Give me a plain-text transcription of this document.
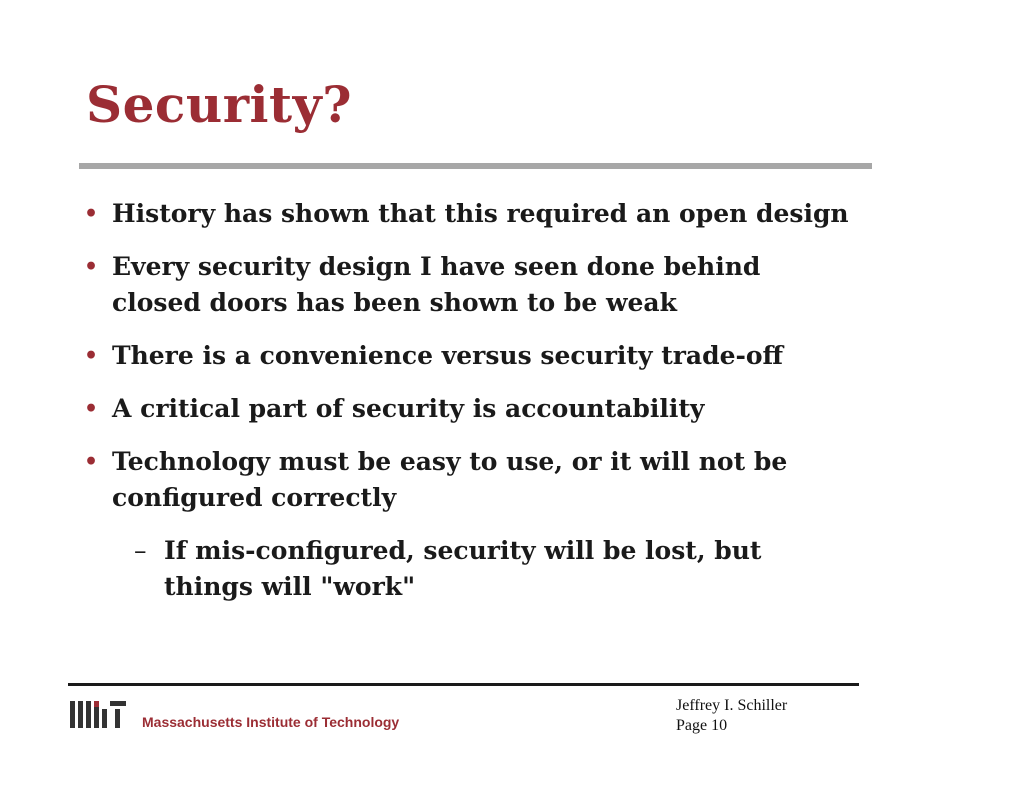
Security?
• History has shown that this required an open design
• Every security design I have seen done behind closed doors has been shown to be weak
• There is a convenience versus security trade-off
• A critical part of security is accountability
• Technology must be easy to use, or it will not be configured correctly
– If mis-configured, security will be lost, but things will "work"
Massachusetts Institute of Technology
Jeffrey I. Schiller
Page 10
